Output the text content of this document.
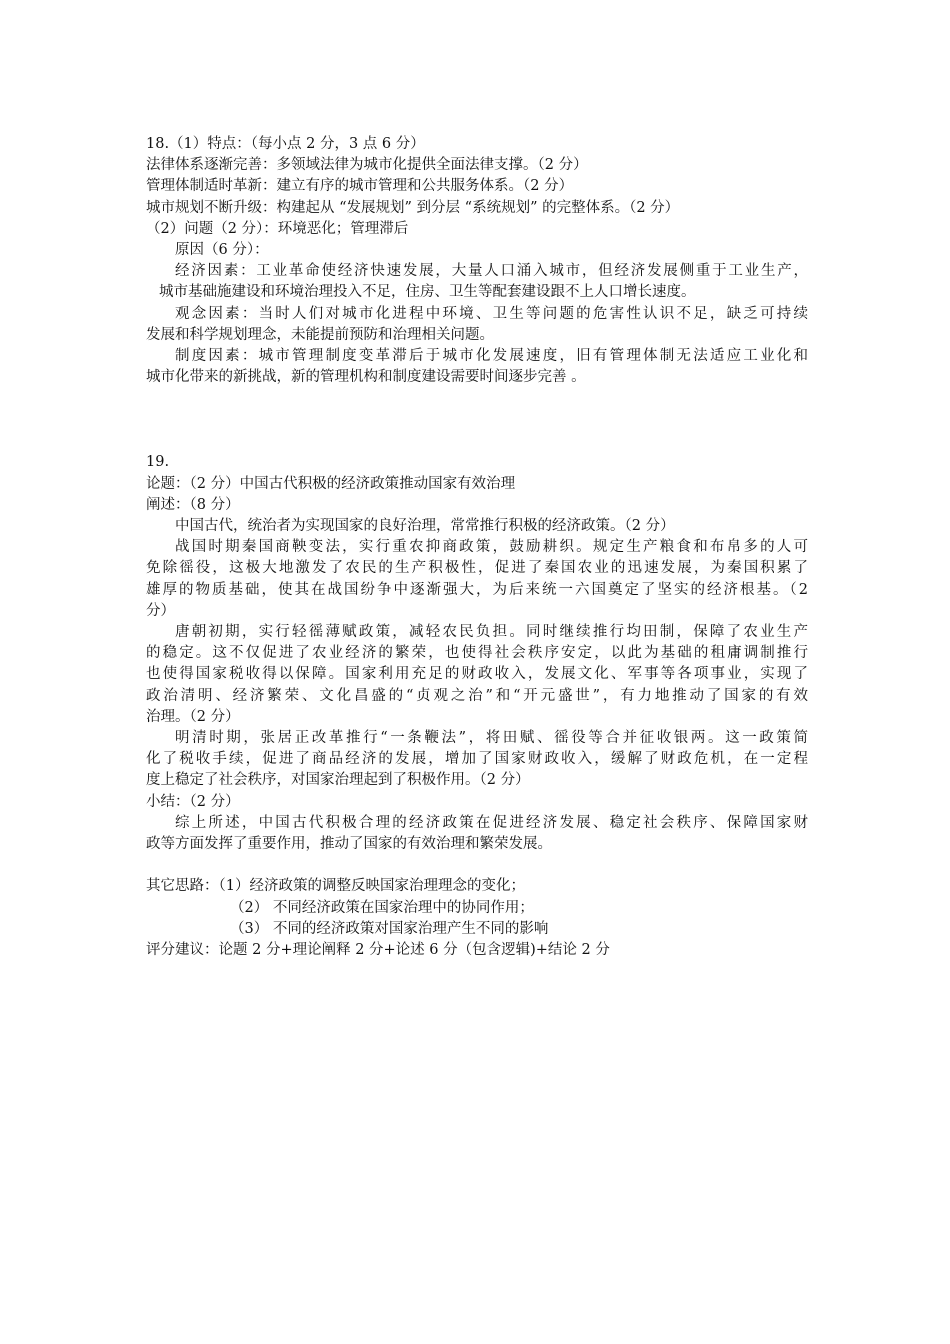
18.（1）特点：（每小点 2 分，3 点 6 分）
法律体系逐渐完善：多领域法律为城市化提供全面法律支撑。（2 分）
管理体制适时革新：建立有序的城市管理和公共服务体系。（2 分）
城市规划不断升级：构建起从 “发展规划” 到分层 “系统规划” 的完整体系。（2 分）
（2）问题（2 分）：环境恶化；管理滞后
原因（6 分）：
经济因素：工业革命使经济快速发展，大量人口涌入城市，但经济发展侧重于工业生产，
城市基础施建设和环境治理投入不足，住房、卫生等配套建设跟不上人口增长速度。
观念因素：当时人们对城市化进程中环境、卫生等问题的危害性认识不足，缺乏可持续
发展和科学规划理念，未能提前预防和治理相关问题。
制度因素：城市管理制度变革滞后于城市化发展速度，旧有管理体制无法适应工业化和
城市化带来的新挑战，新的管理机构和制度建设需要时间逐步完善 。
19.
论题：（2 分）中国古代积极的经济政策推动国家有效治理
阐述：（8 分）
中国古代，统治者为实现国家的良好治理，常常推行积极的经济政策。（2 分）
战国时期秦国商鞅变法，实行重农抑商政策，鼓励耕织。规定生产粮食和布帛多的人可
免除徭役，这极大地激发了农民的生产积极性，促进了秦国农业的迅速发展，为秦国积累了
雄厚的物质基础，使其在战国纷争中逐渐强大，为后来统一六国奠定了坚实的经济根基。（2
分）
唐朝初期，实行轻徭薄赋政策，减轻农民负担。同时继续推行均田制，保障了农业生产
的稳定。这不仅促进了农业经济的繁荣，也使得社会秩序安定，以此为基础的租庸调制推行
也使得国家税收得以保障。国家利用充足的财政收入，发展文化、军事等各项事业，实现了
政治清明、经济繁荣、文化昌盛的“贞观之治”和“开元盛世”，有力地推动了国家的有效
治理。（2 分）
明清时期，张居正改革推行“一条鞭法”，将田赋、徭役等合并征收银两。这一政策简
化了税收手续，促进了商品经济的发展，增加了国家财政收入，缓解了财政危机，在一定程
度上稳定了社会秩序，对国家治理起到了积极作用。（2 分）
小结：（2 分）
综上所述，中国古代积极合理的经济政策在促进经济发展、稳定社会秩序、保障国家财
政等方面发挥了重要作用，推动了国家的有效治理和繁荣发展。
其它思路：（1）经济政策的调整反映国家治理理念的变化；
（2） 不同经济政策在国家治理中的协同作用；
（3） 不同的经济政策对国家治理产生不同的影响
评分建议：论题 2 分+理论阐释 2 分+论述 6 分（包含逻辑)+结论 2 分
